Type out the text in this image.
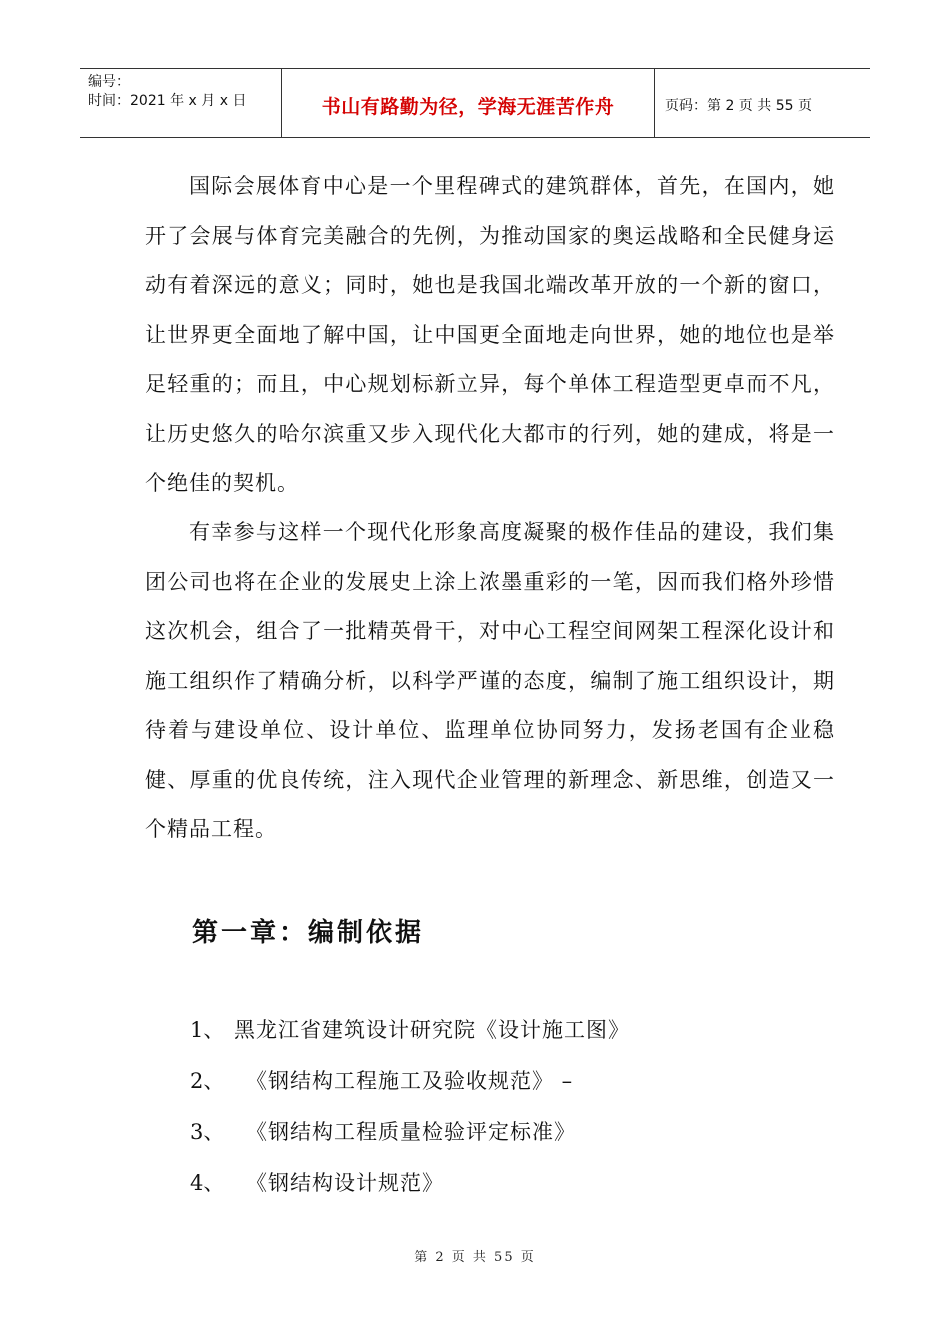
编号：
时间：2021 年 x 月 x 日	书山有路勤为径，学海无涯苦作舟	页码：第 2 页 共 55 页

国际会展体育中心是一个里程碑式的建筑群体，首先，在国内，她开了会展与体育完美融合的先例，为推动国家的奥运战略和全民健身运动有着深远的意义；同时，她也是我国北端改革开放的一个新的窗口，让世界更全面地了解中国，让中国更全面地走向世界，她的地位也是举足轻重的；而且，中心规划标新立异，每个单体工程造型更卓而不凡，让历史悠久的哈尔滨重又步入现代化大都市的行列，她的建成，将是一个绝佳的契机。

有幸参与这样一个现代化形象高度凝聚的极作佳品的建设，我们集团公司也将在企业的发展史上涂上浓墨重彩的一笔，因而我们格外珍惜这次机会，组合了一批精英骨干，对中心工程空间网架工程深化设计和施工组织作了精确分析，以科学严谨的态度，编制了施工组织设计，期待着与建设单位、设计单位、监理单位协同努力，发扬老国有企业稳健、厚重的优良传统，注入现代企业管理的新理念、新思维，创造又一个精品工程。

第一章：编制依据
1、 黑龙江省建筑设计研究院《设计施工图》
2、	《钢结构工程施工及验收规范》 –
3、	《钢结构工程质量检验评定标准》
4、	《钢结构设计规范》
第 2 页 共 55 页
